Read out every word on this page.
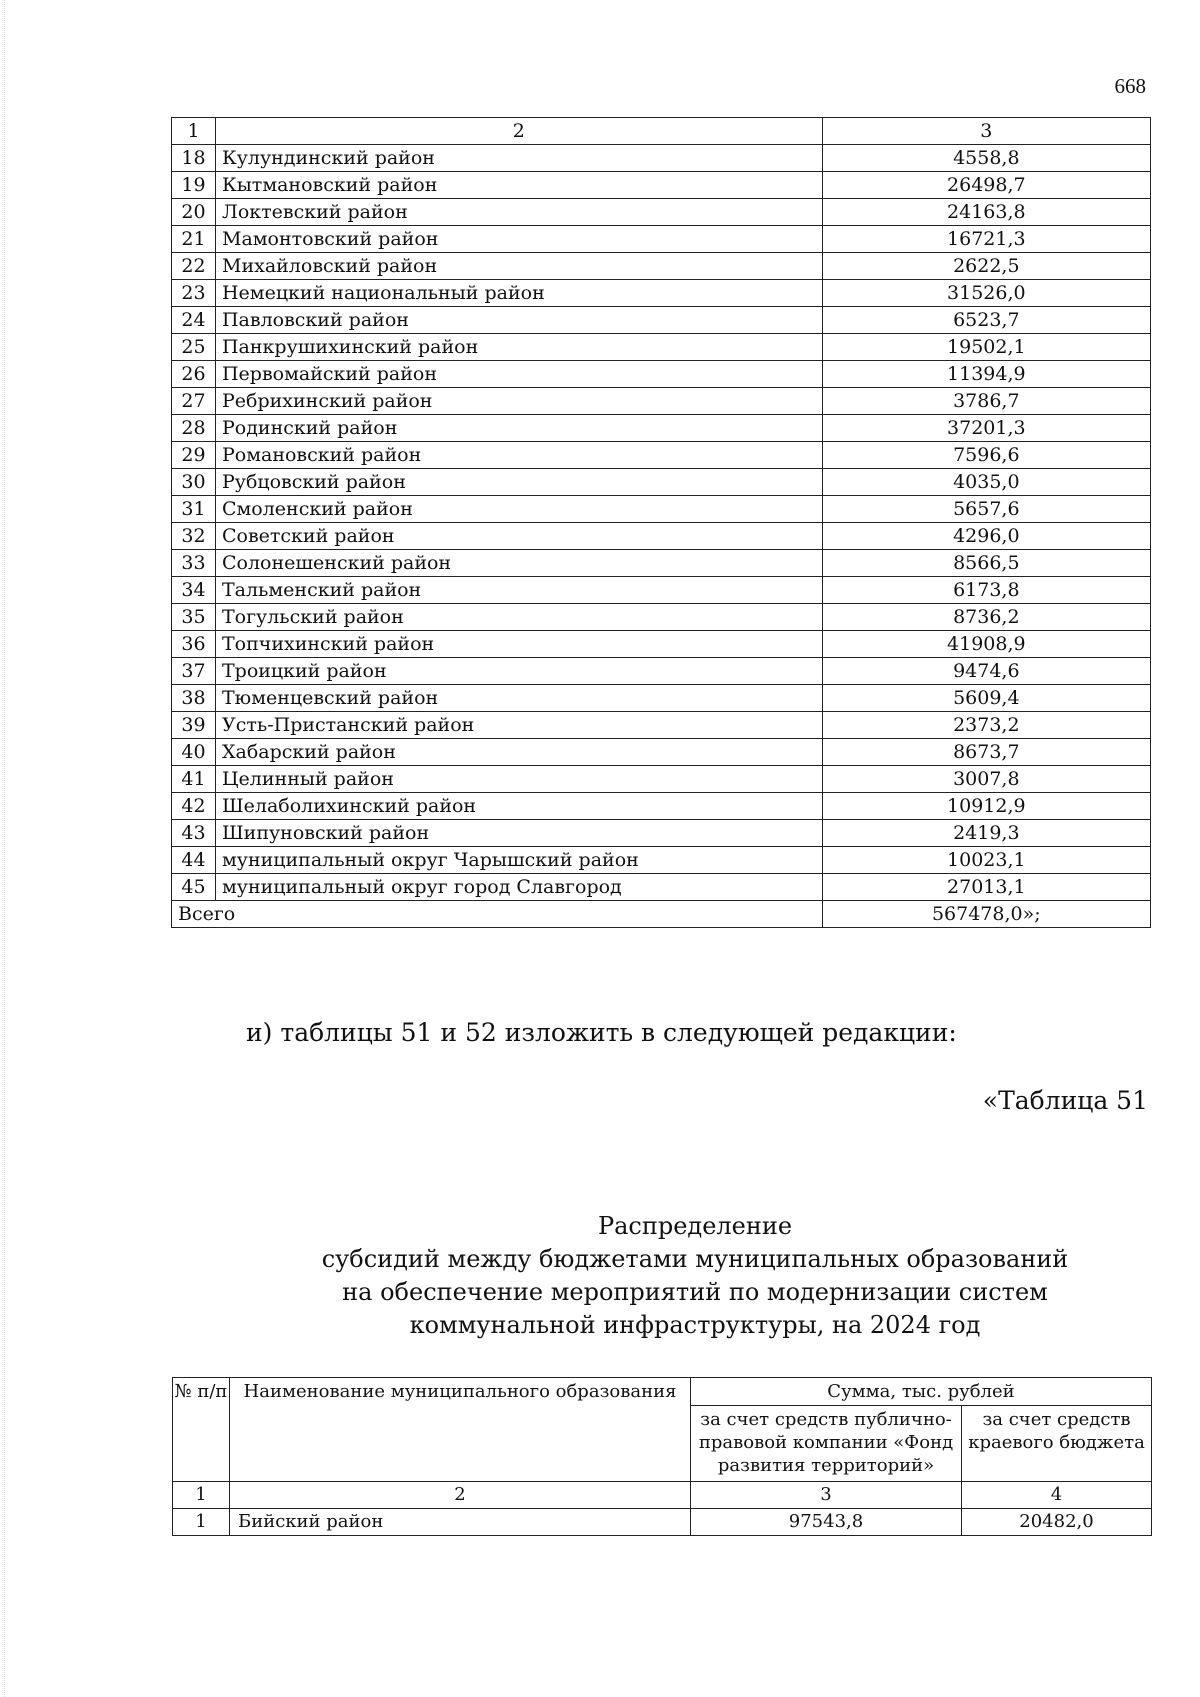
668
1	2	3
18	Кулундинский район	4558,8
19	Кытмановский район	26498,7
20	Локтевский район	24163,8
21	Мамонтовский район	16721,3
22	Михайловский район	2622,5
23	Немецкий национальный район	31526,0
24	Павловский район	6523,7
25	Панкрушихинский район	19502,1
26	Первомайский район	11394,9
27	Ребрихинский район	3786,7
28	Родинский район	37201,3
29	Романовский район	7596,6
30	Рубцовский район	4035,0
31	Смоленский район	5657,6
32	Советский район	4296,0
33	Солонешенский район	8566,5
34	Тальменский район	6173,8
35	Тогульский район	8736,2
36	Топчихинский район	41908,9
37	Троицкий район	9474,6
38	Тюменцевский район	5609,4
39	Усть-Пристанский район	2373,2
40	Хабарский район	8673,7
41	Целинный район	3007,8
42	Шелаболихинский район	10912,9
43	Шипуновский район	2419,3
44	муниципальный округ Чарышский район	10023,1
45	муниципальный округ город Славгород	27013,1
Всего		567478,0»;
и) таблицы 51 и 52 изложить в следующей редакции:
«Таблица 51
Распределение
субсидий между бюджетами муниципальных образований
на обеспечение мероприятий по модернизации систем
коммунальной инфраструктуры, на 2024 год
№ п/п	Наименование муниципального образования	Сумма, тыс. рублей	
		за счет средств публично-правовой компании «Фонд развития территорий»	за счет средств краевого бюджета
1	2	3	4
1	Бийский район	97543,8	20482,0
